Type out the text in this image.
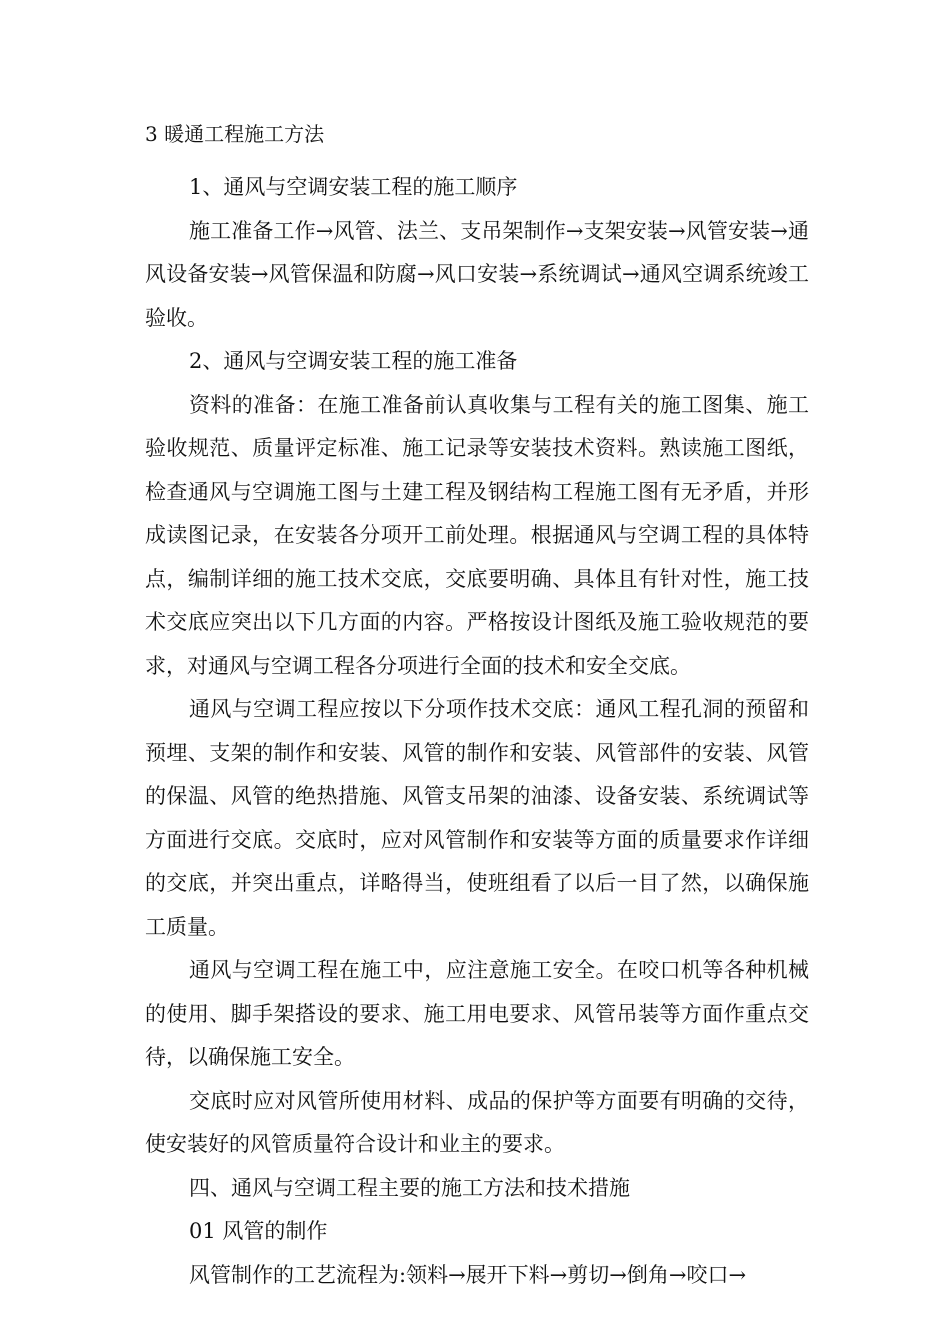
3 暖通工程施工方法

1、通风与空调安装工程的施工顺序

施工准备工作→风管、法兰、支吊架制作→支架安装→风管安装→通风设备安装→风管保温和防腐→风口安装→系统调试→通风空调系统竣工验收。

2、通风与空调安装工程的施工准备

资料的准备：在施工准备前认真收集与工程有关的施工图集、施工验收规范、质量评定标准、施工记录等安装技术资料。熟读施工图纸，检查通风与空调施工图与土建工程及钢结构工程施工图有无矛盾，并形成读图记录，在安装各分项开工前处理。根据通风与空调工程的具体特点，编制详细的施工技术交底，交底要明确、具体且有针对性，施工技术交底应突出以下几方面的内容。严格按设计图纸及施工验收规范的要求，对通风与空调工程各分项进行全面的技术和安全交底。

通风与空调工程应按以下分项作技术交底：通风工程孔洞的预留和预埋、支架的制作和安装、风管的制作和安装、风管部件的安装、风管的保温、风管的绝热措施、风管支吊架的油漆、设备安装、系统调试等方面进行交底。交底时，应对风管制作和安装等方面的质量要求作详细的交底，并突出重点，详略得当，使班组看了以后一目了然，以确保施工质量。

通风与空调工程在施工中，应注意施工安全。在咬口机等各种机械的使用、脚手架搭设的要求、施工用电要求、风管吊装等方面作重点交待，以确保施工安全。

交底时应对风管所使用材料、成品的保护等方面要有明确的交待，使安装好的风管质量符合设计和业主的要求。

四、通风与空调工程主要的施工方法和技术措施

01 风管的制作

风管制作的工艺流程为:领料→展开下料→剪切→倒角→咬口→
